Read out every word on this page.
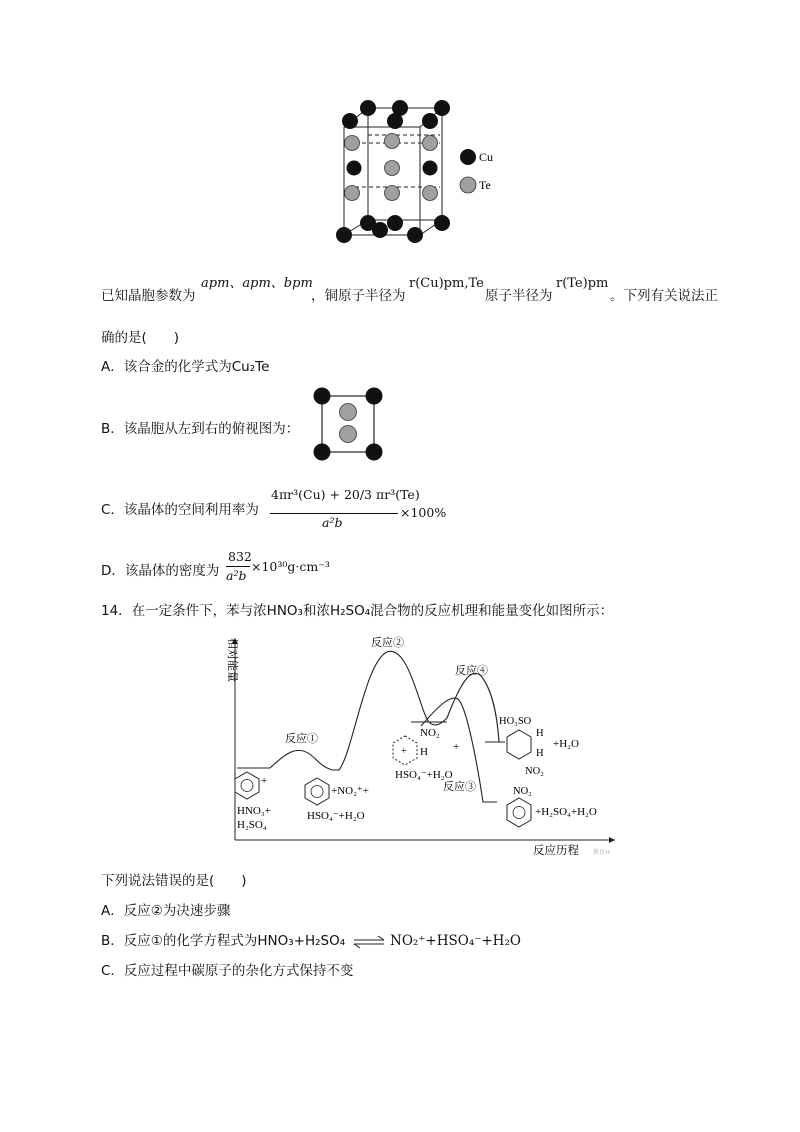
Cu
Te
已知晶胞参数为
apm、apm、bpm
，铜原子半径为
r(Cu)pm,Te
原子半径为
r(Te)pm
。下列有关说法正
确的是(　　)
A．该合金的化学式为Cu₂Te
B．该晶胞从左到右的俯视图为：
C．该晶体的空间利用率为
4πr³(Cu) + 20/3 πr³(Te)
a²b
×100%
D．该晶体的密度为
832
a²b
×10³⁰g·cm⁻³
14．在一定条件下，苯与浓HNO₃和浓H₂SO₄混合物的反应机理和能量变化如图所示：
相对能量
反应历程 教育W
反应①
反应②
反应④
反应③
+
HNO₃+
H₂SO₄
+NO₂⁺+
HSO₄⁻+H₂O
+
NO₂
H +
HSO₄⁻+H₂O
HO₃SO
H
H
+H₂O
NO₂
NO₂
+H₂SO₄+H₂O
下列说法错误的是(　　)
A．反应②为决速步骤
B．反应①的化学方程式为HNO₃+H₂SO₄ ⇌ NO₂⁺+HSO₄⁻+H₂O
C．反应过程中碳原子的杂化方式保持不变
